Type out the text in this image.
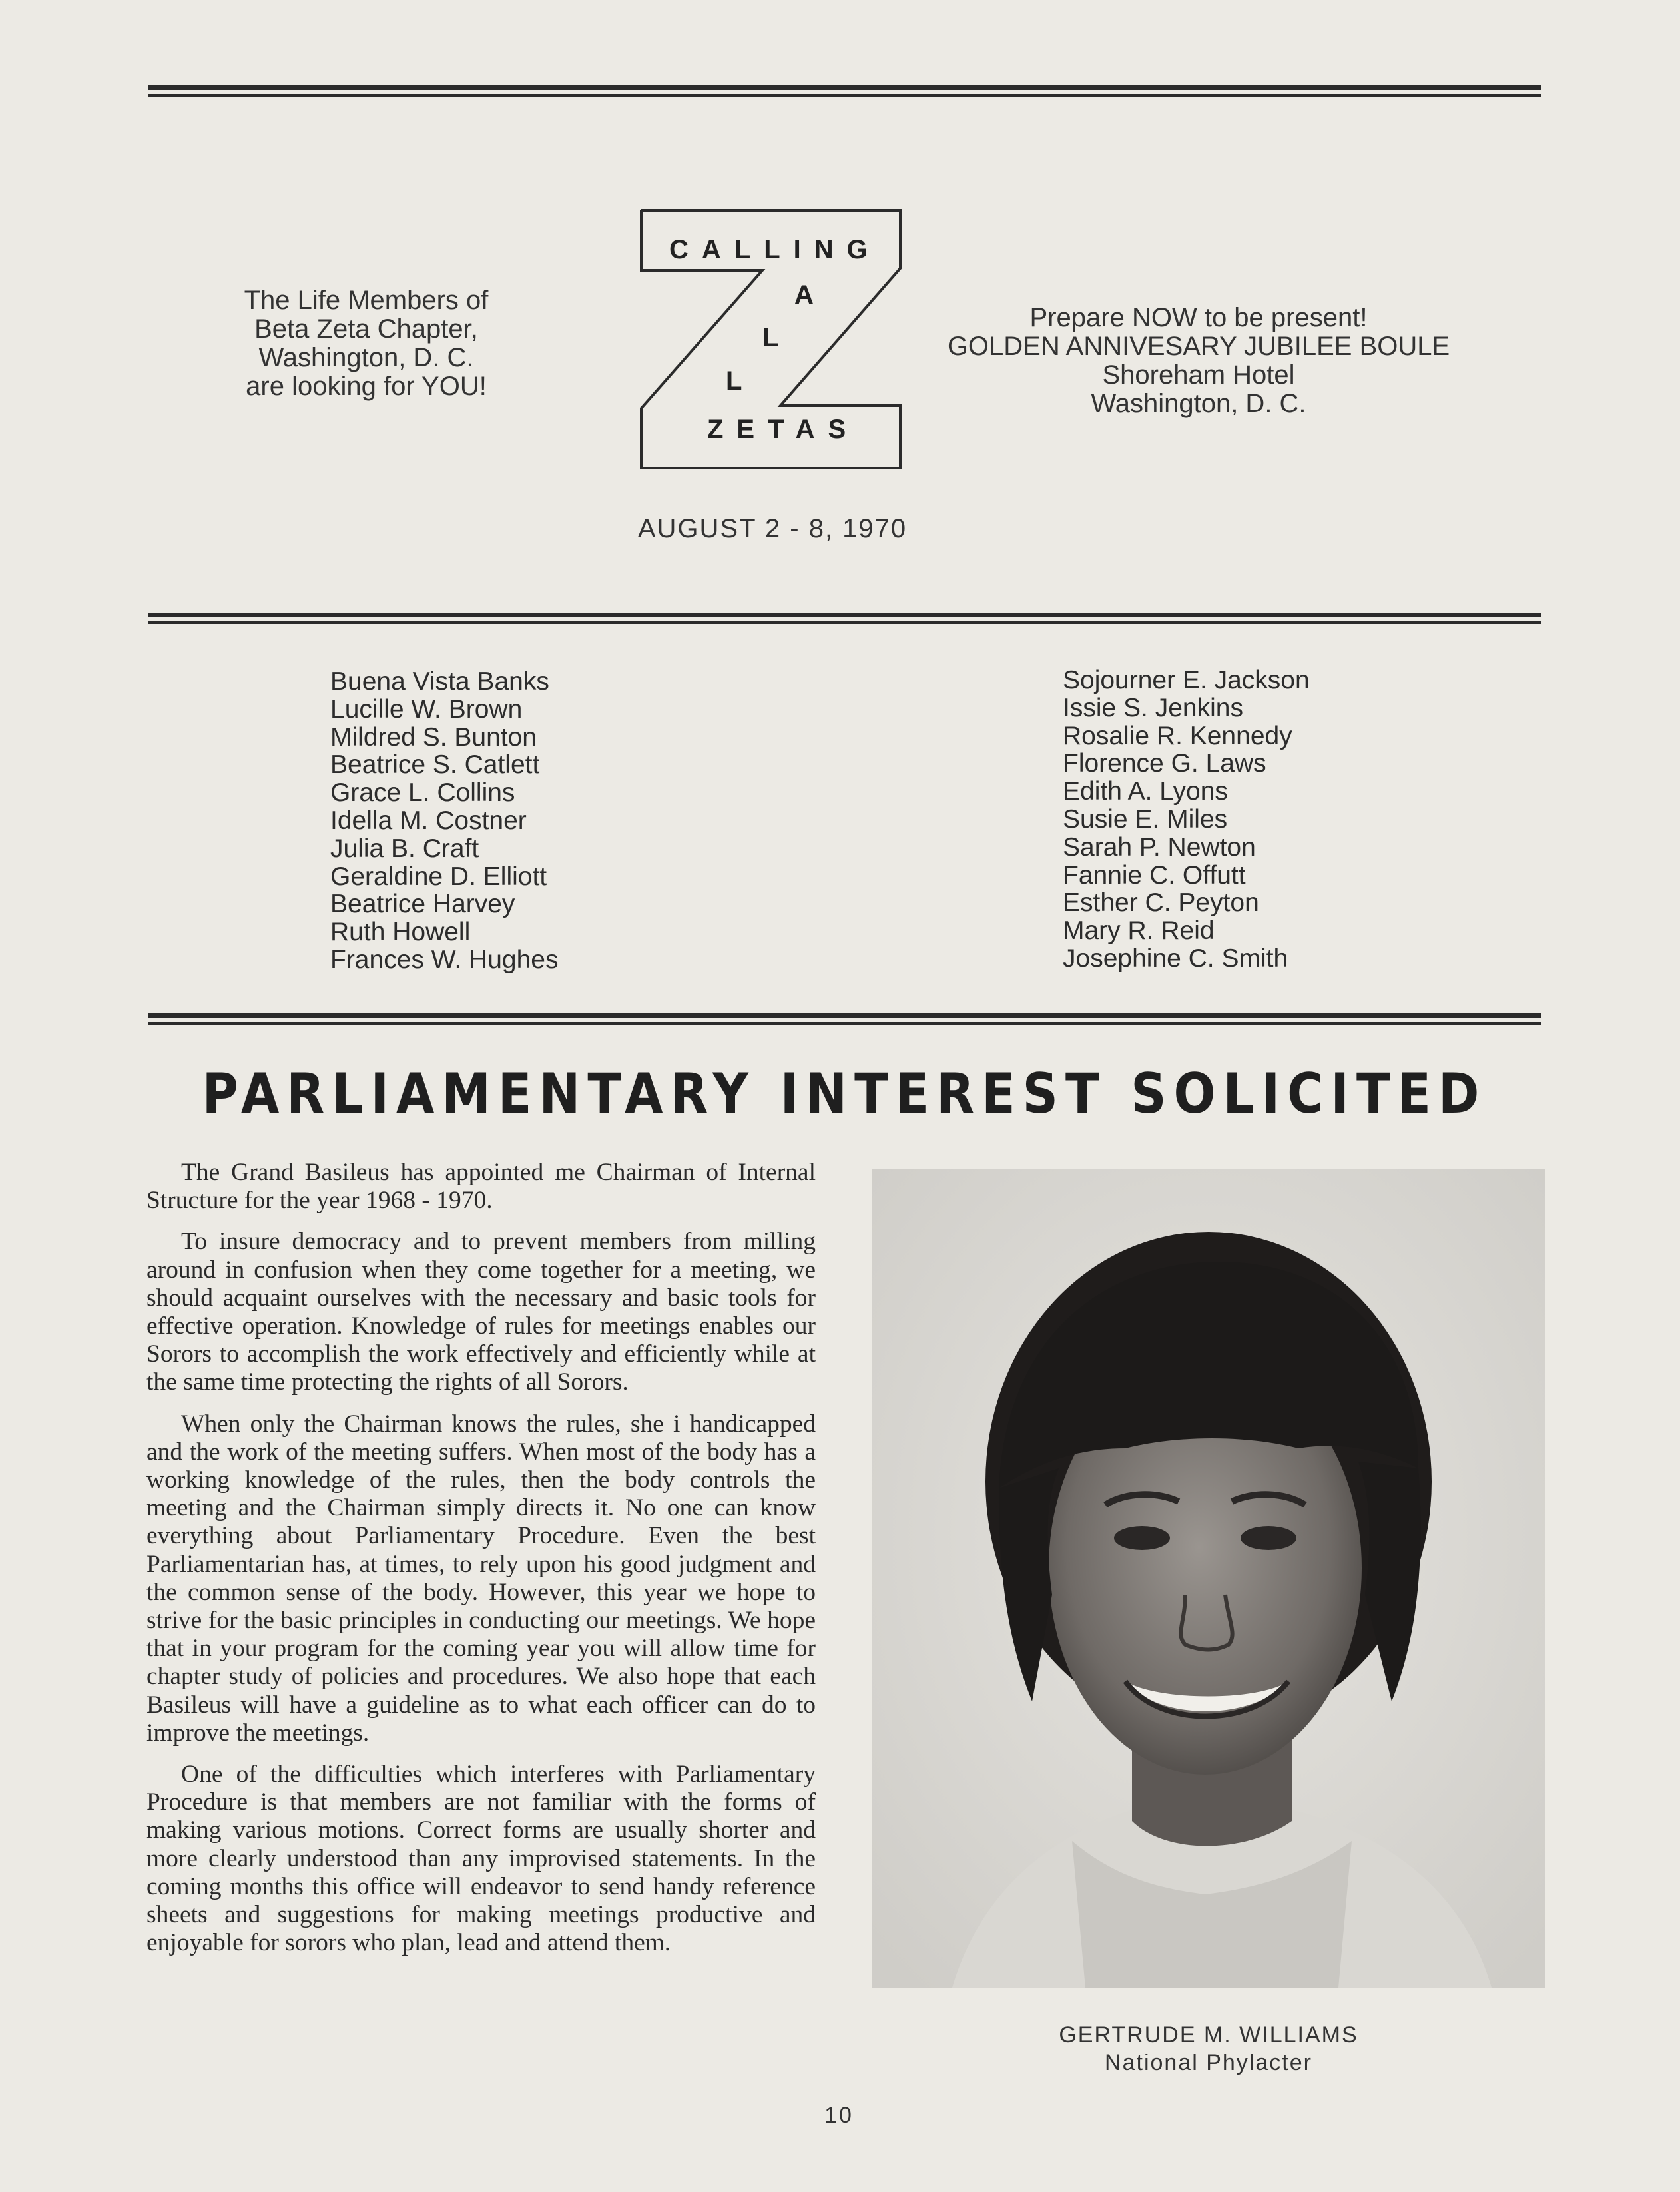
The Life Members of
Beta Zeta Chapter,
Washington, D. C.
are looking for YOU!
CALLING
A
L
L
ZETAS
AUGUST 2 - 8, 1970
Prepare NOW to be present!
GOLDEN ANNIVESARY JUBILEE BOULE
Shoreham Hotel
Washington, D. C.
Buena Vista Banks
Lucille W. Brown
Mildred S. Bunton
Beatrice S. Catlett
Grace L. Collins
Idella M. Costner
Julia B. Craft
Geraldine D. Elliott
Beatrice Harvey
Ruth Howell
Frances W. Hughes
Sojourner E. Jackson
Issie S. Jenkins
Rosalie R. Kennedy
Florence G. Laws
Edith A. Lyons
Susie E. Miles
Sarah P. Newton
Fannie C. Offutt
Esther C. Peyton
Mary R. Reid
Josephine C. Smith
PARLIAMENTARY INTEREST SOLICITED

The Grand Basileus has appointed me Chairman of Internal Structure for the year 1968 - 1970.

To insure democracy and to prevent members from milling around in confusion when they come together for a meeting, we should acquaint ourselves with the necessary and basic tools for effective operation. Knowledge of rules for meetings enables our Sorors to accomplish the work effectively and efficiently while at the same time protecting the rights of all Sorors.

When only the Chairman knows the rules, she i handicapped and the work of the meeting suffers. When most of the body has a working knowledge of the rules, then the body controls the meeting and the Chairman simply directs it. No one can know everything about Parliamentary Procedure. Even the best Parliamentarian has, at times, to rely upon his good judgment and the common sense of the body. However, this year we hope to strive for the basic principles in conducting our meetings. We hope that in your program for the coming year you will allow time for chapter study of policies and procedures. We also hope that each Basileus will have a guideline as to what each officer can do to improve the meetings.

One of the difficulties which interferes with Parliamentary Procedure is that members are not familiar with the forms of making various motions. Correct forms are usually shorter and more clearly understood than any improvised statements. In the coming months this office will endeavor to send handy reference sheets and suggestions for making meetings productive and enjoyable for sorors who plan, lead and attend them.

GERTRUDE M. WILLIAMS
National Phylacter
10
